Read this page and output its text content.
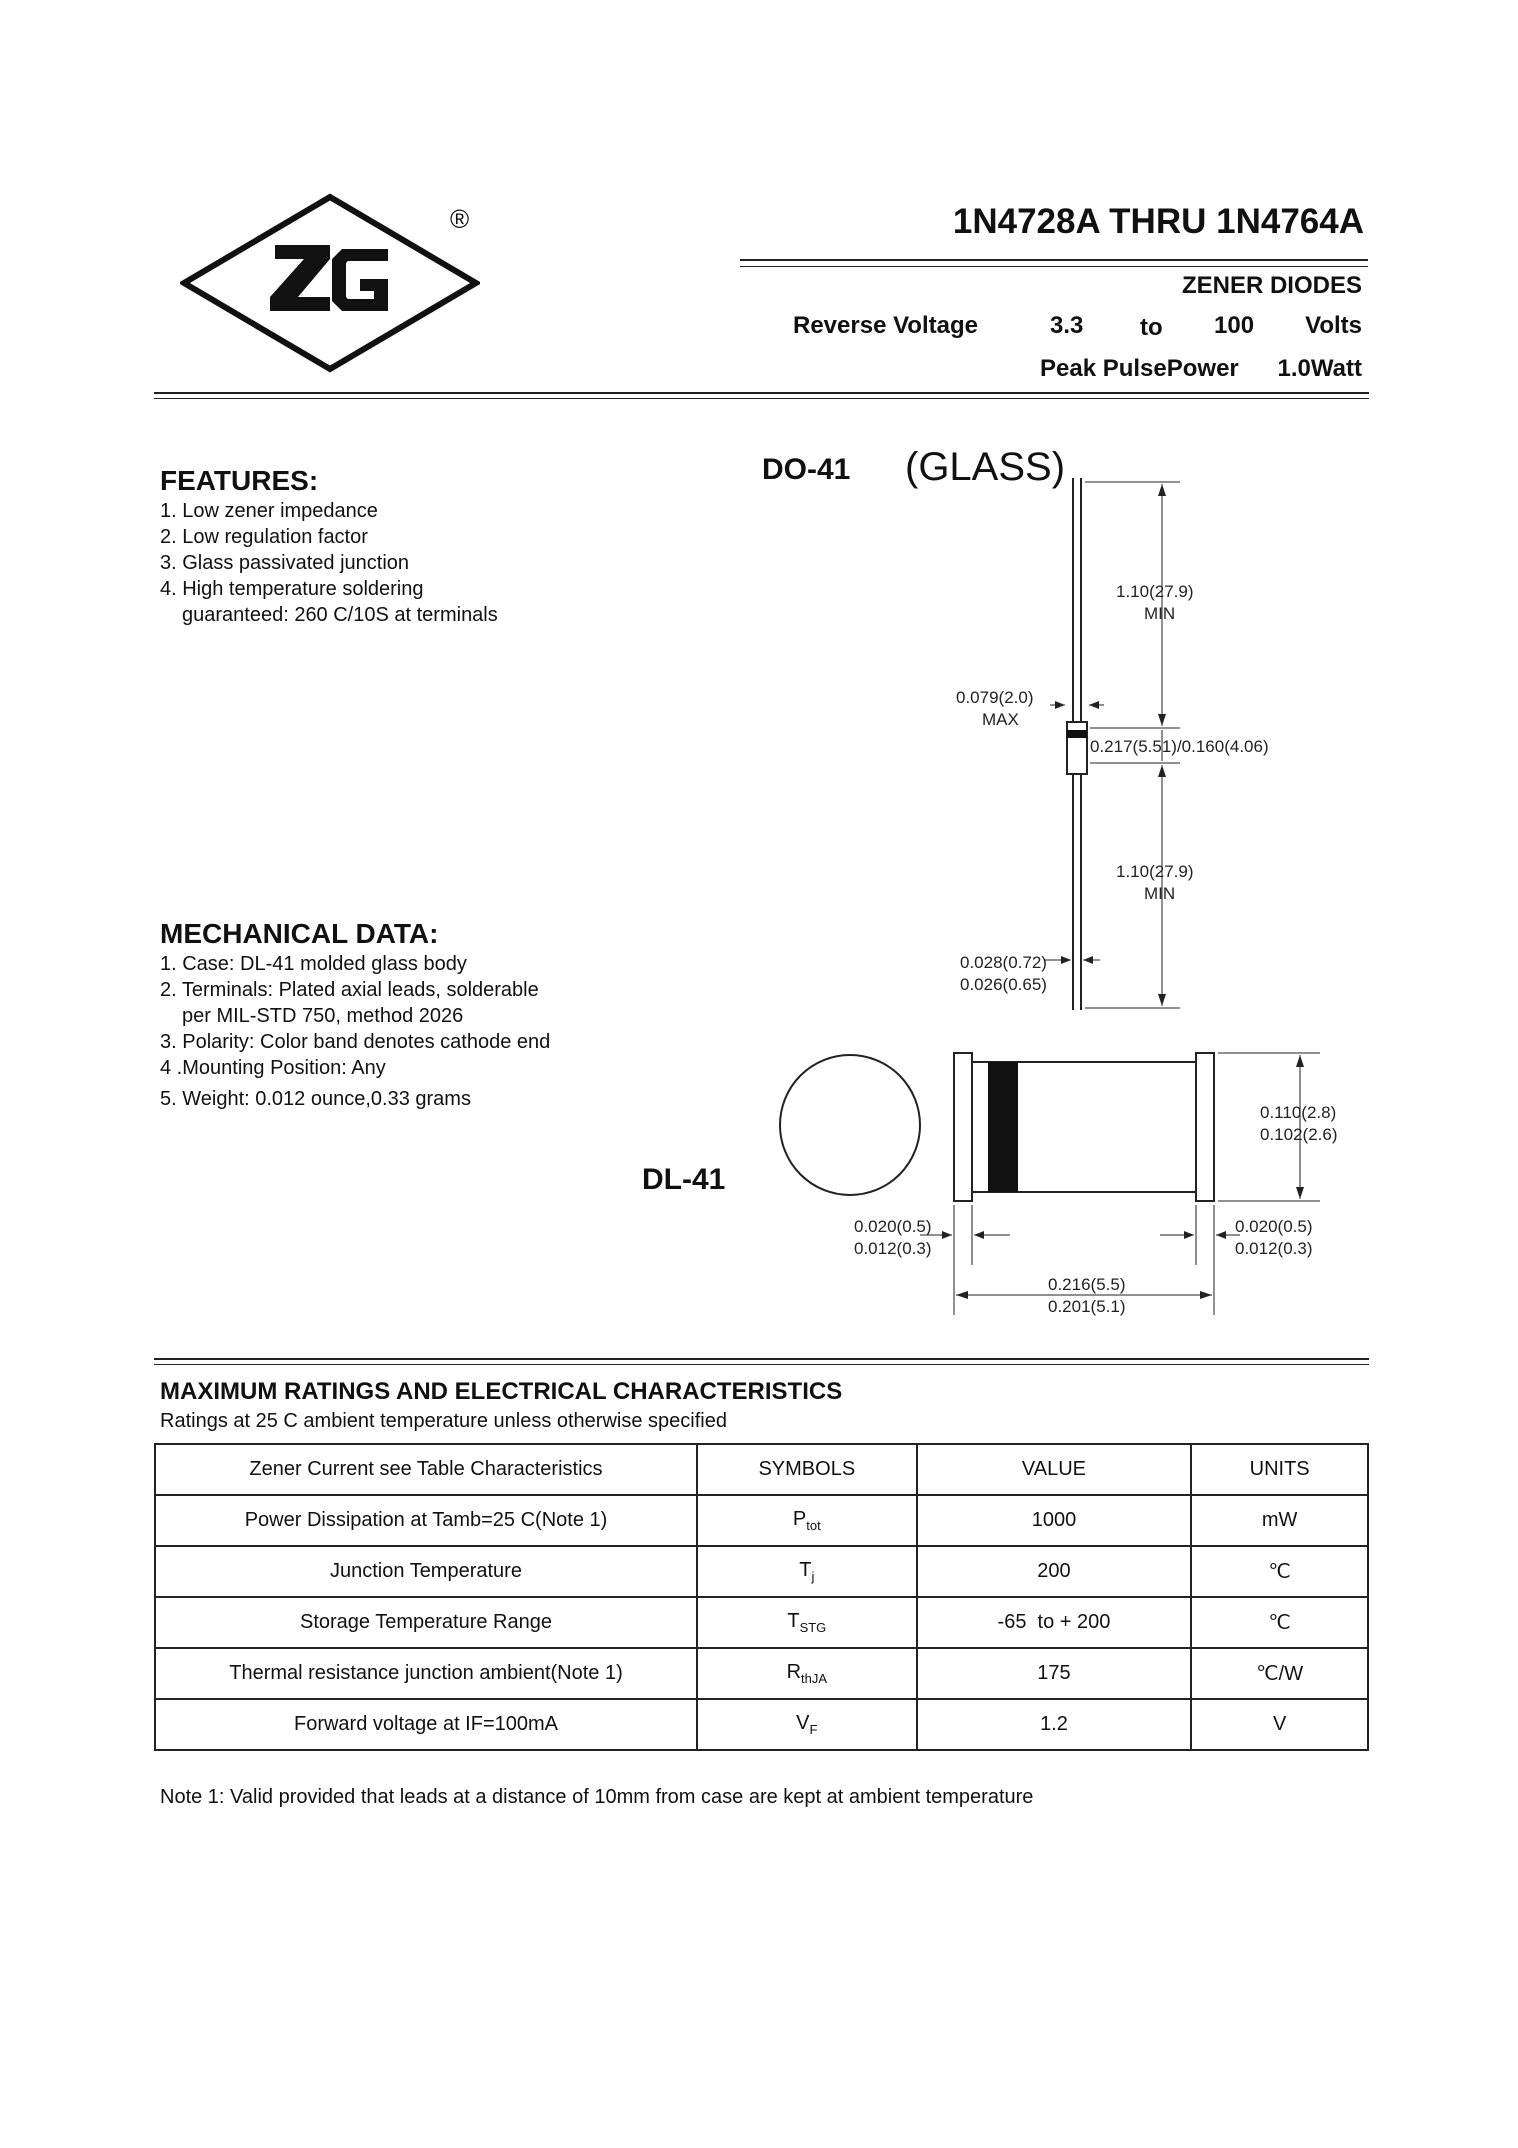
ZG
®	1N4728A THRU 1N4764A
ZENER DIODES
Reverse Voltage	3.3 to 100 Volts
Peak PulsePower 1.0Watt
FEATURES:
1. Low zener impedance
2. Low regulation factor
3. Glass passivated junction
4. High temperature soldering
guaranteed: 260 C/10S at terminals
MECHANICAL DATA:
1. Case: DL-41 molded glass body
2. Terminals: Plated axial leads, solderable
per MIL-STD 750, method 2026
3. Polarity: Color band denotes cathode end
4 .Mounting Position: Any
5. Weight: 0.012 ounce,0.33 grams
DO-41 (GLASS)
1.10(27.9)
MIN
0.079(2.0)
MAX
0.217(5.51)/0.160(4.06)
1.10(27.9)
MIN
0.028(0.72)
0.026(0.65)
DL-41
0.110(2.8)
0.102(2.6)
0.020(0.5)
0.012(0.3)
0.020(0.5)
0.012(0.3)
0.216(5.5)
0.201(5.1)
MAXIMUM RATINGS AND ELECTRICAL CHARACTERISTICS
Ratings at 25 C ambient temperature unless otherwise specified
Zener Current see Table Characteristics	SYMBOLS	VALUE	UNITS
Power Dissipation at Tamb=25 C(Note 1)	$P_{tot}$	1000	mW
Junction Temperature	$T_j$	200	℃
Storage Temperature Range	$T_{STG}$	-65  to + 200	℃
Thermal resistance junction ambient(Note 1)	$R_{thJA}$	175	℃/W
Forward voltage at IF=100mA	$V_F$	1.2	V
Note 1: Valid provided that leads at a distance of 10mm from case are kept at ambient temperature
